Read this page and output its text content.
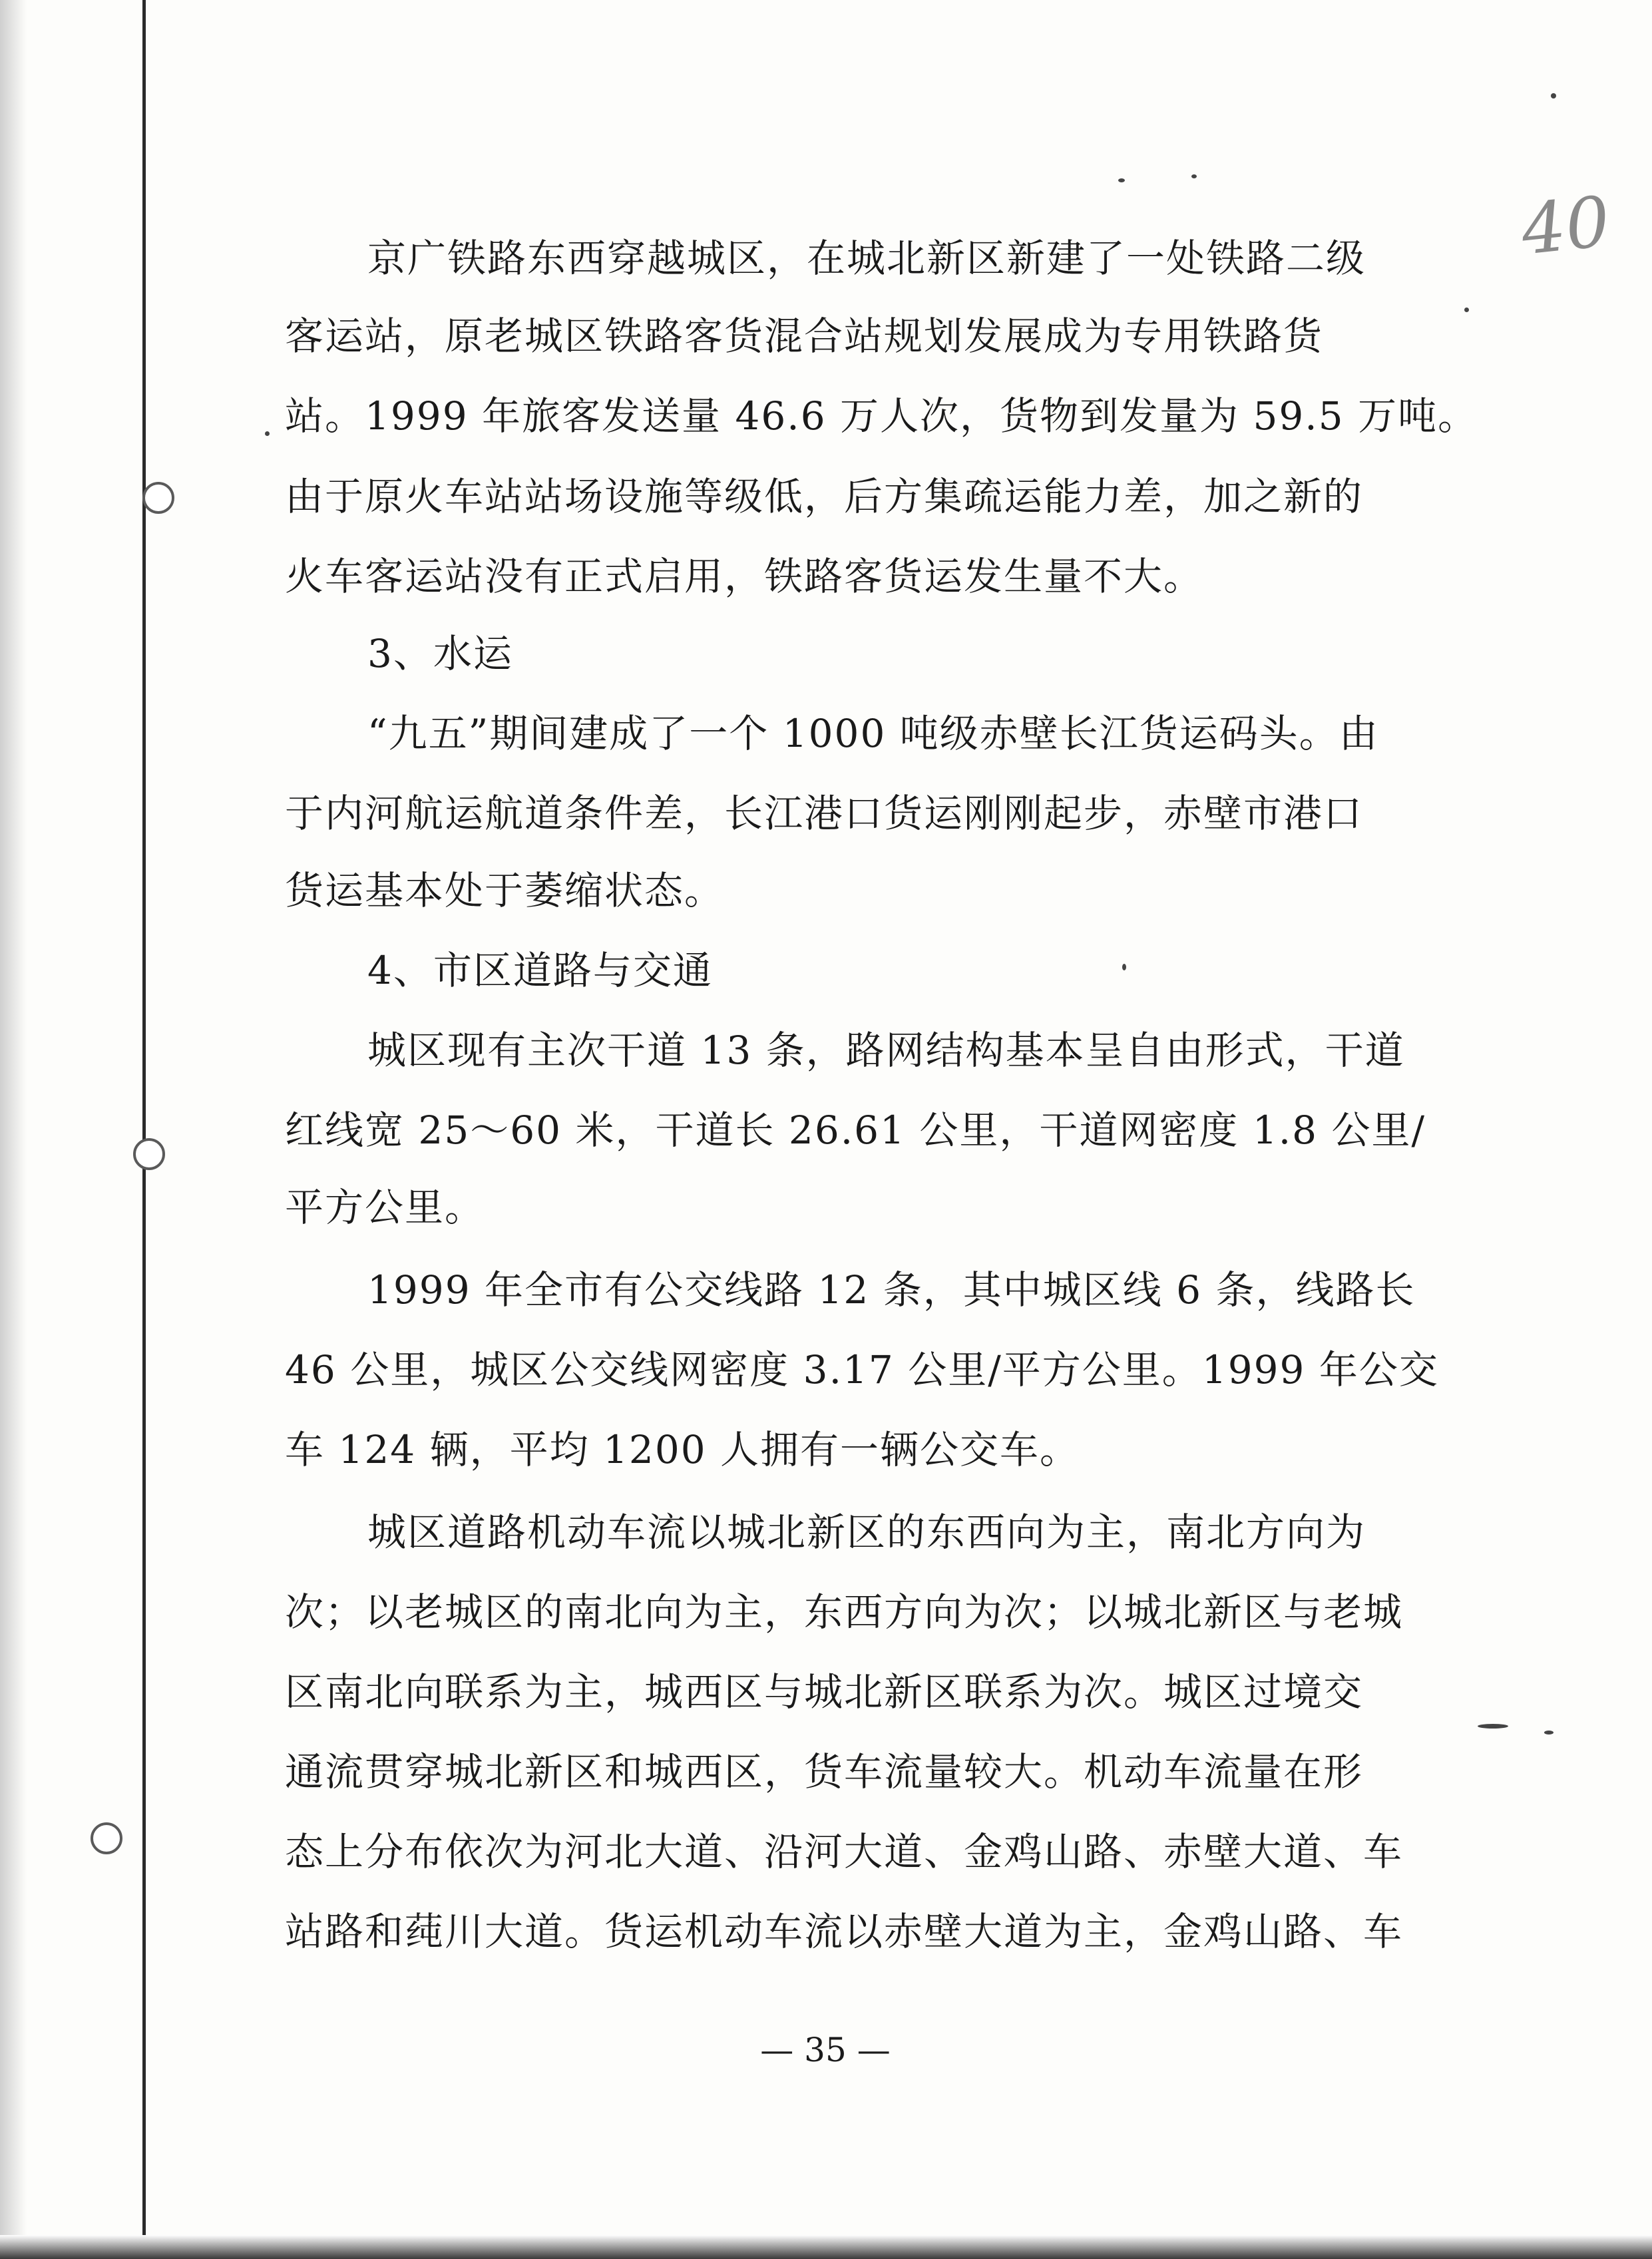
40
京广铁路东西穿越城区，在城北新区新建了一处铁路二级
客运站，原老城区铁路客货混合站规划发展成为专用铁路货
站。1999 年旅客发送量 46.6 万人次，货物到发量为 59.5 万吨。
由于原火车站站场设施等级低，后方集疏运能力差，加之新的
火车客运站没有正式启用，铁路客货运发生量不大。
3、水运
“九五”期间建成了一个 1000 吨级赤壁长江货运码头。由
于内河航运航道条件差，长江港口货运刚刚起步，赤壁市港口
货运基本处于萎缩状态。
4、市区道路与交通
城区现有主次干道 13 条，路网结构基本呈自由形式，干道
红线宽 25～60 米，干道长 26.61 公里，干道网密度 1.8 公里/
平方公里。
1999 年全市有公交线路 12 条，其中城区线 6 条，线路长
46 公里，城区公交线网密度 3.17 公里/平方公里。1999 年公交
车 124 辆，平均 1200 人拥有一辆公交车。
城区道路机动车流以城北新区的东西向为主，南北方向为
次；以老城区的南北向为主，东西方向为次；以城北新区与老城
区南北向联系为主，城西区与城北新区联系为次。城区过境交
通流贯穿城北新区和城西区，货车流量较大。机动车流量在形
态上分布依次为河北大道、沿河大道、金鸡山路、赤壁大道、车
站路和莼川大道。货运机动车流以赤壁大道为主，金鸡山路、车
— 35 —
